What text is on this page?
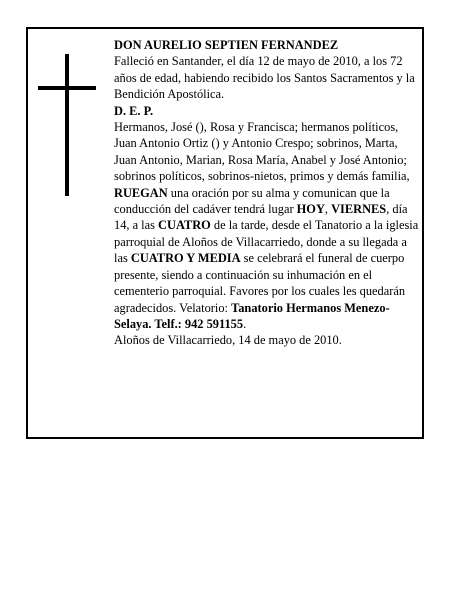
DON AURELIO SEPTIEN FERNANDEZ

Falleció en Santander, el día 12 de mayo de 2010, a los 72 años de edad, habiendo recibido los Santos Sacramentos y la Bendición Apostólica.

D. E. P.

Hermanos, José (), Rosa y Francisca; hermanos políticos, Juan Antonio Ortiz () y Antonio Crespo; sobrinos, Marta, Juan Antonio, Marian, Rosa María, Anabel y José Antonio; sobrinos políticos, sobrinos-nietos, primos y demás familia,

RUEGAN una oración por su alma y comunican que la conducción del cadáver tendrá lugar HOY, VIERNES, día 14, a las CUATRO de la tarde, desde el Tanatorio a la iglesia parroquial de Aloños de Villacarriedo, donde a su llegada a las CUATRO Y MEDIA se celebrará el funeral de cuerpo presente, siendo a continuación su inhumación en el cementerio parroquial. Favores por los cuales les quedarán agradecidos. Velatorio: Tanatorio Hermanos Menezo-Selaya. Telf.: 942 591155.

Aloños de Villacarriedo, 14 de mayo de 2010.
